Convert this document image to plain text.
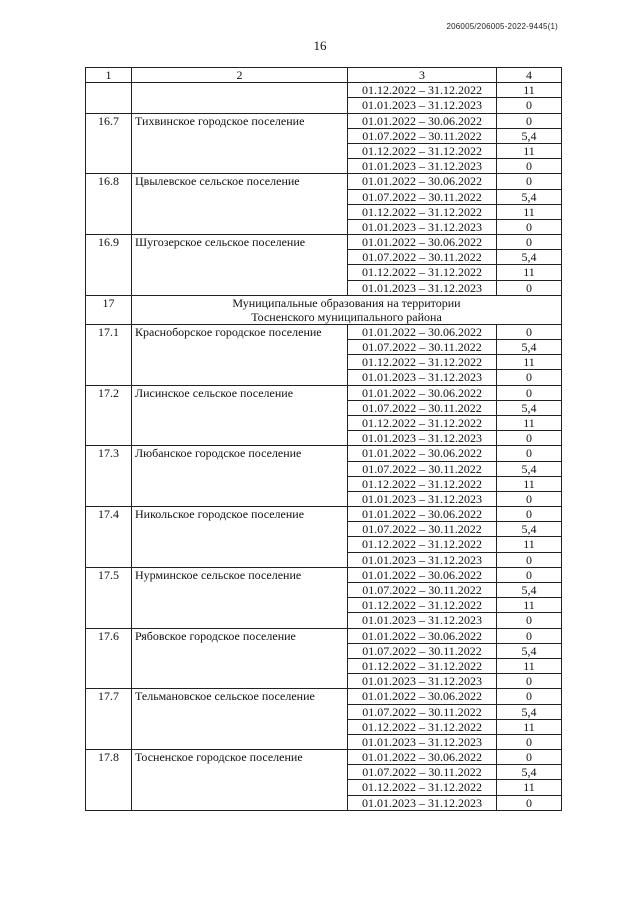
206005/206005-2022-9445(1)
16
1	2	3	4
		01.12.2022 – 31.12.2022	11
		01.01.2023 – 31.12.2023	0
16.7	Тихвинское городское поселение	01.01.2022 – 30.06.2022	0
		01.07.2022 – 30.11.2022	5,4
		01.12.2022 – 31.12.2022	11
		01.01.2023 – 31.12.2023	0
16.8	Цвылевское сельское поселение	01.01.2022 – 30.06.2022	0
		01.07.2022 – 30.11.2022	5,4
		01.12.2022 – 31.12.2022	11
		01.01.2023 – 31.12.2023	0
16.9	Шугозерское сельское поселение	01.01.2022 – 30.06.2022	0
		01.07.2022 – 30.11.2022	5,4
		01.12.2022 – 31.12.2022	11
		01.01.2023 – 31.12.2023	0
17	Муниципальные образования на территории
Тосненского муниципального района		

17.1	Красноборское городское поселение	01.01.2022 – 30.06.2022	0
		01.07.2022 – 30.11.2022	5,4
		01.12.2022 – 31.12.2022	11
		01.01.2023 – 31.12.2023	0
17.2	Лисинское сельское поселение	01.01.2022 – 30.06.2022	0
		01.07.2022 – 30.11.2022	5,4
		01.12.2022 – 31.12.2022	11
		01.01.2023 – 31.12.2023	0
17.3	Любанское городское поселение	01.01.2022 – 30.06.2022	0
		01.07.2022 – 30.11.2022	5,4
		01.12.2022 – 31.12.2022	11
		01.01.2023 – 31.12.2023	0
17.4	Никольское городское поселение	01.01.2022 – 30.06.2022	0
		01.07.2022 – 30.11.2022	5,4
		01.12.2022 – 31.12.2022	11
		01.01.2023 – 31.12.2023	0
17.5	Нурминское сельское поселение	01.01.2022 – 30.06.2022	0
		01.07.2022 – 30.11.2022	5,4
		01.12.2022 – 31.12.2022	11
		01.01.2023 – 31.12.2023	0
17.6	Рябовское городское поселение	01.01.2022 – 30.06.2022	0
		01.07.2022 – 30.11.2022	5,4
		01.12.2022 – 31.12.2022	11
		01.01.2023 – 31.12.2023	0
17.7	Тельмановское сельское поселение	01.01.2022 – 30.06.2022	0
		01.07.2022 – 30.11.2022	5,4
		01.12.2022 – 31.12.2022	11
		01.01.2023 – 31.12.2023	0
17.8	Тосненское городское поселение	01.01.2022 – 30.06.2022	0
		01.07.2022 – 30.11.2022	5,4
		01.12.2022 – 31.12.2022	11
		01.01.2023 – 31.12.2023	0
